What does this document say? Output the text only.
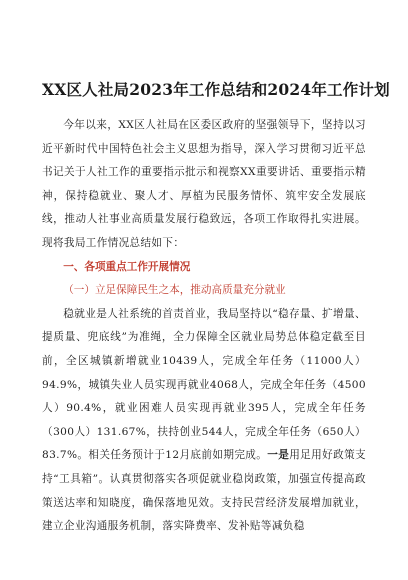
XX区人社局2023年工作总结和2024年工作计划

今年以来，XX区人社局在区委区政府的坚强领导下，坚持以习近平新时代中国特色社会主义思想为指导，深入学习贯彻习近平总书记关于人社工作的重要指示批示和视察XX重要讲话、重要指示精神，保持稳就业、聚人才、厚植为民服务情怀、筑牢安全发展底线，推动人社事业高质量发展行稳致远，各项工作取得扎实进展。现将我局工作情况总结如下：

一、各项重点工作开展情况

（一）立足保障民生之本，推动高质量充分就业

稳就业是人社系统的首责首业，我局坚持以“稳存量、扩增量、提质量、兜底线”为准绳，全力保障全区就业局势总体稳定截至目前，全区城镇新增就业10439人，完成全年任务（11000人）94.9%，城镇失业人员实现再就业4068人，完成全年任务（4500人）90.4%，就业困难人员实现再就业395人，完成全年任务（300人）131.67%，扶持创业544人，完成全年任务（650人）83.7%。相关任务预计于12月底前如期完成。一是用足用好政策支持“工具箱”。认真贯彻落实各项促就业稳岗政策，加强宣传提高政策送达率和知晓度，确保落地见效。支持民营经济发展增加就业，建立企业沟通服务机制，落实降费率、发补贴等减负稳
